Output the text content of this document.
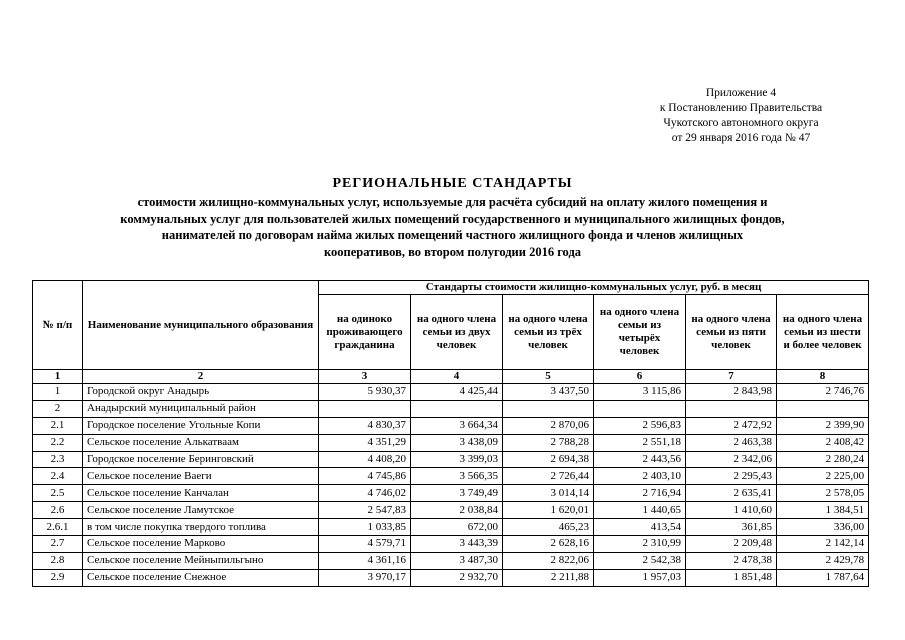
Приложение 4
к Постановлению Правительства
Чукотского автономного округа
от 29 января 2016 года № 47
РЕГИОНАЛЬНЫЕ СТАНДАРТЫ
стоимости жилищно-коммунальных услуг, используемые для расчёта субсидий на оплату жилого помещения и
коммунальных услуг для пользователей жилых помещений государственного и муниципального жилищных фондов,
нанимателей по договорам найма жилых помещений частного жилищного фонда и членов жилищных
кооперативов, во втором полугодии 2016 года
№ п/п	Наименование муниципального образования	Стандарты стоимости жилищно-коммунальных услуг, руб. в месяц					
		на одиноко проживающего гражданина	на одного члена семьи из двух человек	на одного члена семьи из трёх человек	на одного члена семьи из четырёх человек	на одного члена семьи из пяти человек	на одного члена семьи из шести и более человек
1	2	3	4	5	6	7	8
1	Городской округ Анадырь	5 930,37	4 425,44	3 437,50	3 115,86	2 843,98	2 746,76
2	Анадырский муниципальный район						
2.1	Городское поселение Угольные Копи	4 830,37	3 664,34	2 870,06	2 596,83	2 472,92	2 399,90
2.2	Сельское поселение Алькатваам	4 351,29	3 438,09	2 788,28	2 551,18	2 463,38	2 408,42
2.3	Городское поселение Беринговский	4 408,20	3 399,03	2 694,38	2 443,56	2 342,06	2 280,24
2.4	Сельское поселение Ваеги	4 745,86	3 566,35	2 726,44	2 403,10	2 295,43	2 225,00
2.5	Сельское поселение Канчалан	4 746,02	3 749,49	3 014,14	2 716,94	2 635,41	2 578,05
2.6	Сельское поселение Ламутское	2 547,83	2 038,84	1 620,01	1 440,65	1 410,60	1 384,51
2.6.1	в том числе покупка твердого топлива	1 033,85	672,00	465,23	413,54	361,85	336,00
2.7	Сельское поселение Марково	4 579,71	3 443,39	2 628,16	2 310,99	2 209,48	2 142,14
2.8	Сельское поселение Мейныпильгыно	4 361,16	3 487,30	2 822,06	2 542,38	2 478,38	2 429,78
2.9	Сельское поселение Снежное	3 970,17	2 932,70	2 211,88	1 957,03	1 851,48	1 787,64
